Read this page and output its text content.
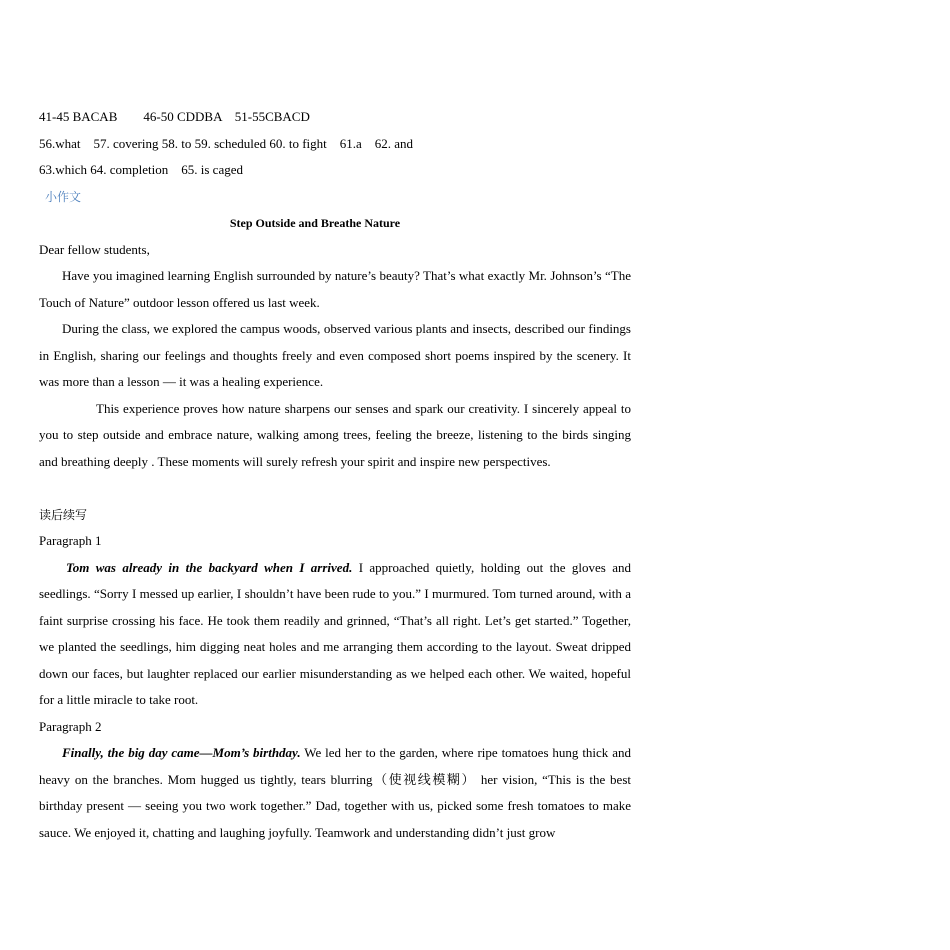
41-45 BACAB        46-50 CDDBA    51-55CBACD
56.what    57. covering 58. to 59. scheduled 60. to fight    61.a    62. and
63.which 64. completion    65. is caged
小作文
Step Outside and Breathe Nature
Dear fellow students,

Have you imagined learning English surrounded by nature’s beauty? That’s what exactly Mr. Johnson’s “The Touch of Nature” outdoor lesson offered us last week.

During the class, we explored the campus woods, observed various plants and insects, described our findings in English, sharing our feelings and thoughts freely and even composed short poems inspired by the scenery. It was more than a lesson — it was a healing experience.

This experience proves how nature sharpens our senses and spark our creativity. I sincerely appeal to you to step outside and embrace nature, walking among trees, feeling the breeze, listening to the birds singing and breathing deeply . These moments will surely refresh your spirit and inspire new perspectives.

读后续写
Paragraph 1

Tom was already in the backyard when I arrived. I approached quietly, holding out the gloves and seedlings. “Sorry I messed up earlier, I shouldn’t have been rude to you.” I murmured. Tom turned around, with a faint surprise crossing his face. He took them readily and grinned, “That’s all right. Let’s get started.” Together, we planted the seedlings, him digging neat holes and me arranging them according to the layout. Sweat dripped down our faces, but laughter replaced our earlier misunderstanding as we helped each other. We waited, hopeful for a little miracle to take root.

Paragraph 2

Finally, the big day came—Mom’s birthday. We led her to the garden, where ripe tomatoes hung thick and heavy on the branches. Mom hugged us tightly, tears blurring（使视线模糊） her vision, “This is the best birthday present — seeing you two work together.” Dad, together with us, picked some fresh tomatoes to make sauce. We enjoyed it, chatting and laughing joyfully. Teamwork and understanding didn’t just grow
